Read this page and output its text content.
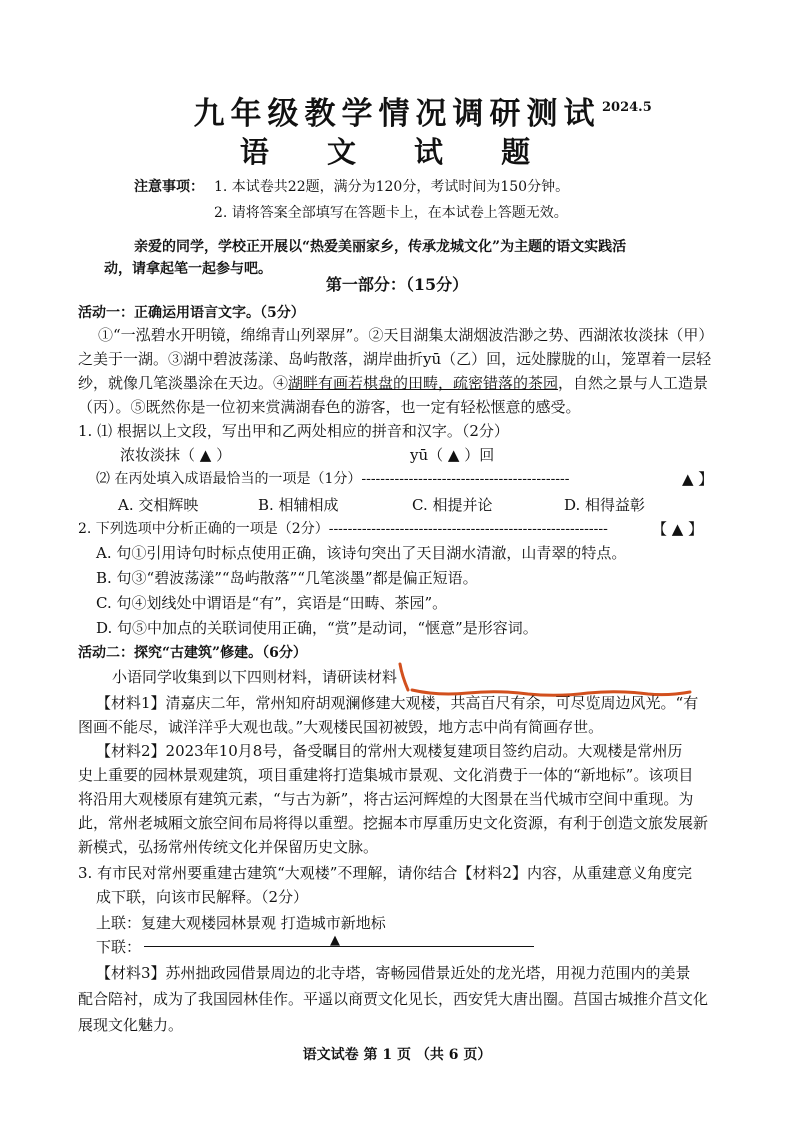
九年级教学情况调研测试 2024.5
语 文 试 题
注意事项： 1. 本试卷共22题，满分为120分，考试时间为150分钟。
2. 请将答案全部填写在答题卡上，在本试卷上答题无效。
亲爱的同学，学校正开展以“热爱美丽家乡，传承龙城文化”为主题的语文实践活
动，请拿起笔一起参与吧。
第一部分：（15分）
活动一：正确运用语言文字。（5分）
①“一泓碧水开明镜，绵绵青山列翠屏”。②天目湖集太湖烟波浩渺之势、西湖浓妆淡抹（甲）
之美于一湖。③湖中碧波荡漾、岛屿散落，湖岸曲折yū（乙）回，远处朦胧的山，笼罩着一层轻
纱，就像几笔淡墨涂在天边。④湖畔有画若棋盘的田畴，疏密错落的茶园，自然之景与人工造景
（丙）。⑤既然你是一位初来赏满湖春色的游客，也一定有轻松惬意的感受。
1. ⑴ 根据以上文段，写出甲和乙两处相应的拼音和汉字。（2分）
浓妆淡抹（ ▲ ）	yū（ ▲ ）回
⑵ 在丙处填入成语最恰当的一项是（1分）--------------------------------------------	▲ 】
A. 交相辉映	B. 相辅相成	C. 相提并论	D. 相得益彰
2. 下列选项中分析正确的一项是（2分）-----------------------------------------------------------	【 ▲ 】
A. 句①引用诗句时标点使用正确，该诗句突出了天目湖水清澈，山青翠的特点。
B. 句③“碧波荡漾”“岛屿散落”“几笔淡墨”都是偏正短语。
C. 句④划线处中谓语是“有”，宾语是“田畴、茶园”。
D. 句⑤中加点的关联词使用正确，“赏”是动词，“惬意”是形容词。
活动二：探究“古建筑”修建。（6分）
小语同学收集到以下四则材料，请研读材料
【材料1】清嘉庆二年，常州知府胡观澜修建大观楼，共高百尺有余，可尽览周边风光。“有
图画不能尽，诚洋洋乎大观也哉。”大观楼民国初被毁，地方志中尚有简画存世。
【材料2】2023年10月8号，备受瞩目的常州大观楼复建项目签约启动。大观楼是常州历
史上重要的园林景观建筑，项目重建将打造集城市景观、文化消费于一体的“新地标”。该项目
将沿用大观楼原有建筑元素，“与古为新”，将古运河辉煌的大图景在当代城市空间中重现。为
此，常州老城厢文旅空间布局将得以重塑。挖掘本市厚重历史文化资源，有利于创造文旅发展新
新模式，弘扬常州传统文化并保留历史文脉。
3. 有市民对常州要重建古建筑“大观楼”不理解，请你结合【材料2】内容，从重建意义角度完
成下联，向该市民解释。（2分）
上联：复建大观楼园林景观 打造城市新地标
下联：	▲
【材料3】苏州拙政园借景周边的北寺塔，寄畅园借景近处的龙光塔，用视力范围内的美景
配合陪衬，成为了我国园林佳作。平遥以商贾文化见长，西安凭大唐出圈。莒国古城推介莒文化
展现文化魅力。
语文试卷 第 1 页 （共 6 页）
